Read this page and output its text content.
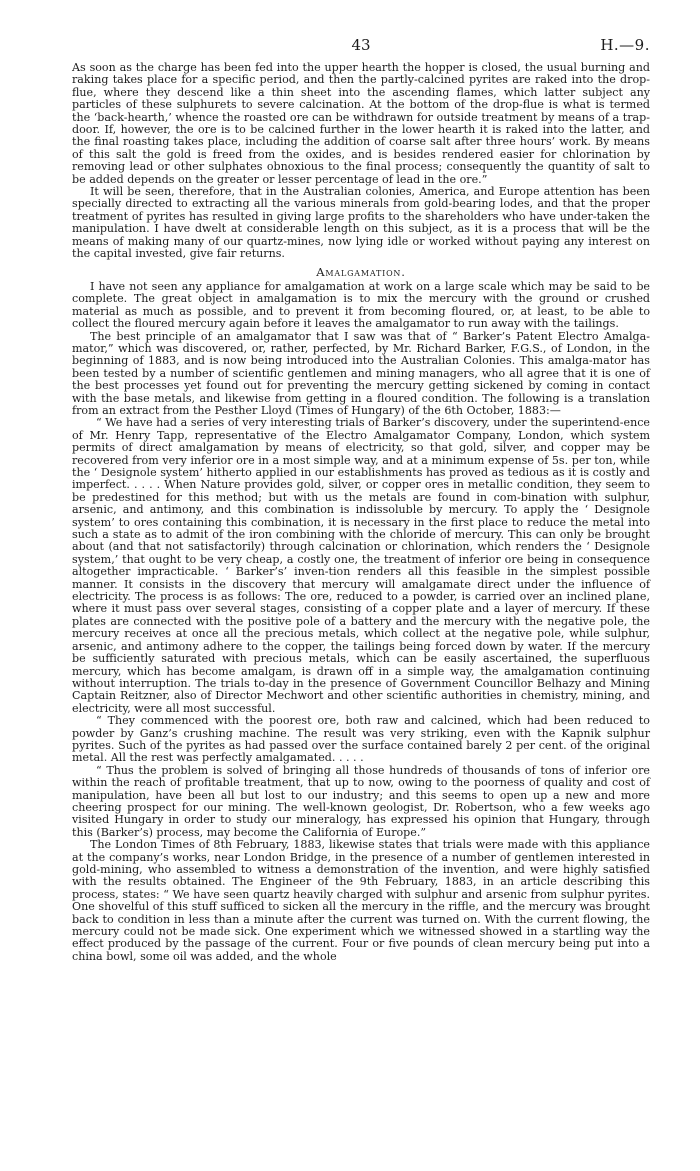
43	H.—9.

As soon as the charge has been fed into the upper hearth the hopper is closed, the usual burning and raking takes place for a specific period, and then the partly-calcined pyrites are raked into the drop-flue, where they descend like a thin sheet into the ascending flames, which latter subject any particles of these sulphurets to severe calcination. At the bottom of the drop-flue is what is termed the ‘back-hearth,’ whence the roasted ore can be withdrawn for outside treatment by means of a trap-door. If, however, the ore is to be calcined further in the lower hearth it is raked into the latter, and the final roasting takes place, including the addition of coarse salt after three hours’ work. By means of this salt the gold is freed from the oxides, and is besides rendered easier for chlorination by removing lead or other sulphates obnoxious to the final process; consequently the quantity of salt to be added depends on the greater or lesser percentage of lead in the ore.”

It will be seen, therefore, that in the Australian colonies, America, and Europe attention has been specially directed to extracting all the various minerals from gold-bearing lodes, and that the proper treatment of pyrites has resulted in giving large profits to the shareholders who have under-taken the manipulation. I have dwelt at considerable length on this subject, as it is a process that will be the means of making many of our quartz-mines, now lying idle or worked without paying any interest on the capital invested, give fair returns.

Amalgamation.

I have not seen any appliance for amalgamation at work on a large scale which may be said to be complete. The great object in amalgamation is to mix the mercury with the ground or crushed material as much as possible, and to prevent it from becoming floured, or, at least, to be able to collect the floured mercury again before it leaves the amalgamator to run away with the tailings.

The best principle of an amalgamator that I saw was that of “ Barker’s Patent Electro Amalga-mator,” which was discovered, or, rather, perfected, by Mr. Richard Barker, F.G.S., of London, in the beginning of 1883, and is now being introduced into the Australian Colonies. This amalga-mator has been tested by a number of scientific gentlemen and mining managers, who all agree that it is one of the best processes yet found out for preventing the mercury getting sickened by coming in contact with the base metals, and likewise from getting in a floured condition. The following is a translation from an extract from the Pesther Lloyd (Times of Hungary) of the 6th October, 1883:—

“ We have had a series of very interesting trials of Barker’s discovery, under the superintend-ence of Mr. Henry Tapp, representative of the Electro Amalgamator Company, London, which system permits of direct amalgamation by means of electricity, so that gold, silver, and copper may be recovered from very inferior ore in a most simple way, and at a minimum expense of 5s. per ton, while the ‘ Designole system’ hitherto applied in our establishments has proved as tedious as it is costly and imperfect. . . . . When Nature provides gold, silver, or copper ores in metallic condition, they seem to be predestined for this method; but with us the metals are found in com-bination with sulphur, arsenic, and antimony, and this combination is indissoluble by mercury. To apply the ‘ Designole system’ to ores containing this combination, it is necessary in the first place to reduce the metal into such a state as to admit of the iron combining with the chloride of mercury. This can only be brought about (and that not satisfactorily) through calcination or chlorination, which renders the ‘ Designole system,’ that ought to be very cheap, a costly one, the treatment of inferior ore being in consequence altogether impracticable. ‘ Barker’s’ inven-tion renders all this feasible in the simplest possible manner. It consists in the discovery that mercury will amalgamate direct under the influence of electricity. The process is as follows: The ore, reduced to a powder, is carried over an inclined plane, where it must pass over several stages, consisting of a copper plate and a layer of mercury. If these plates are connected with the positive pole of a battery and the mercury with the negative pole, the mercury receives at once all the precious metals, which collect at the negative pole, while sulphur, arsenic, and antimony adhere to the copper, the tailings being forced down by water. If the mercury be sufficiently saturated with precious metals, which can be easily ascertained, the superfluous mercury, which has become amalgam, is drawn off in a simple way, the amalgamation continuing without interruption. The trials to-day in the presence of Government Councillor Belhazy and Mining Captain Reitzner, also of Director Mechwort and other scientific authorities in chemistry, mining, and electricity, were all most successful.

“ They commenced with the poorest ore, both raw and calcined, which had been reduced to powder by Ganz’s crushing machine. The result was very striking, even with the Kapnik sulphur pyrites. Such of the pyrites as had passed over the surface contained barely 2 per cent. of the original metal. All the rest was perfectly amalgamated. . . . .

“ Thus the problem is solved of bringing all those hundreds of thousands of tons of inferior ore within the reach of profitable treatment, that up to now, owing to the poorness of quality and cost of manipulation, have been all but lost to our industry; and this seems to open up a new and more cheering prospect for our mining. The well-known geologist, Dr. Robertson, who a few weeks ago visited Hungary in order to study our mineralogy, has expressed his opinion that Hungary, through this (Barker’s) process, may become the California of Europe.”

The London Times of 8th February, 1883, likewise states that trials were made with this appliance at the company’s works, near London Bridge, in the presence of a number of gentlemen interested in gold-mining, who assembled to witness a demonstration of the invention, and were highly satisfied with the results obtained. The Engineer of the 9th February, 1883, in an article describing this process, states: “ We have seen quartz heavily charged with sulphur and arsenic from sulphur pyrites. One shovelful of this stuff sufficed to sicken all the mercury in the riffle, and the mercury was brought back to condition in less than a minute after the current was turned on. With the current flowing, the mercury could not be made sick. One experiment which we witnessed showed in a startling way the effect produced by the passage of the current. Four or five pounds of clean mercury being put into a china bowl, some oil was added, and the whole
